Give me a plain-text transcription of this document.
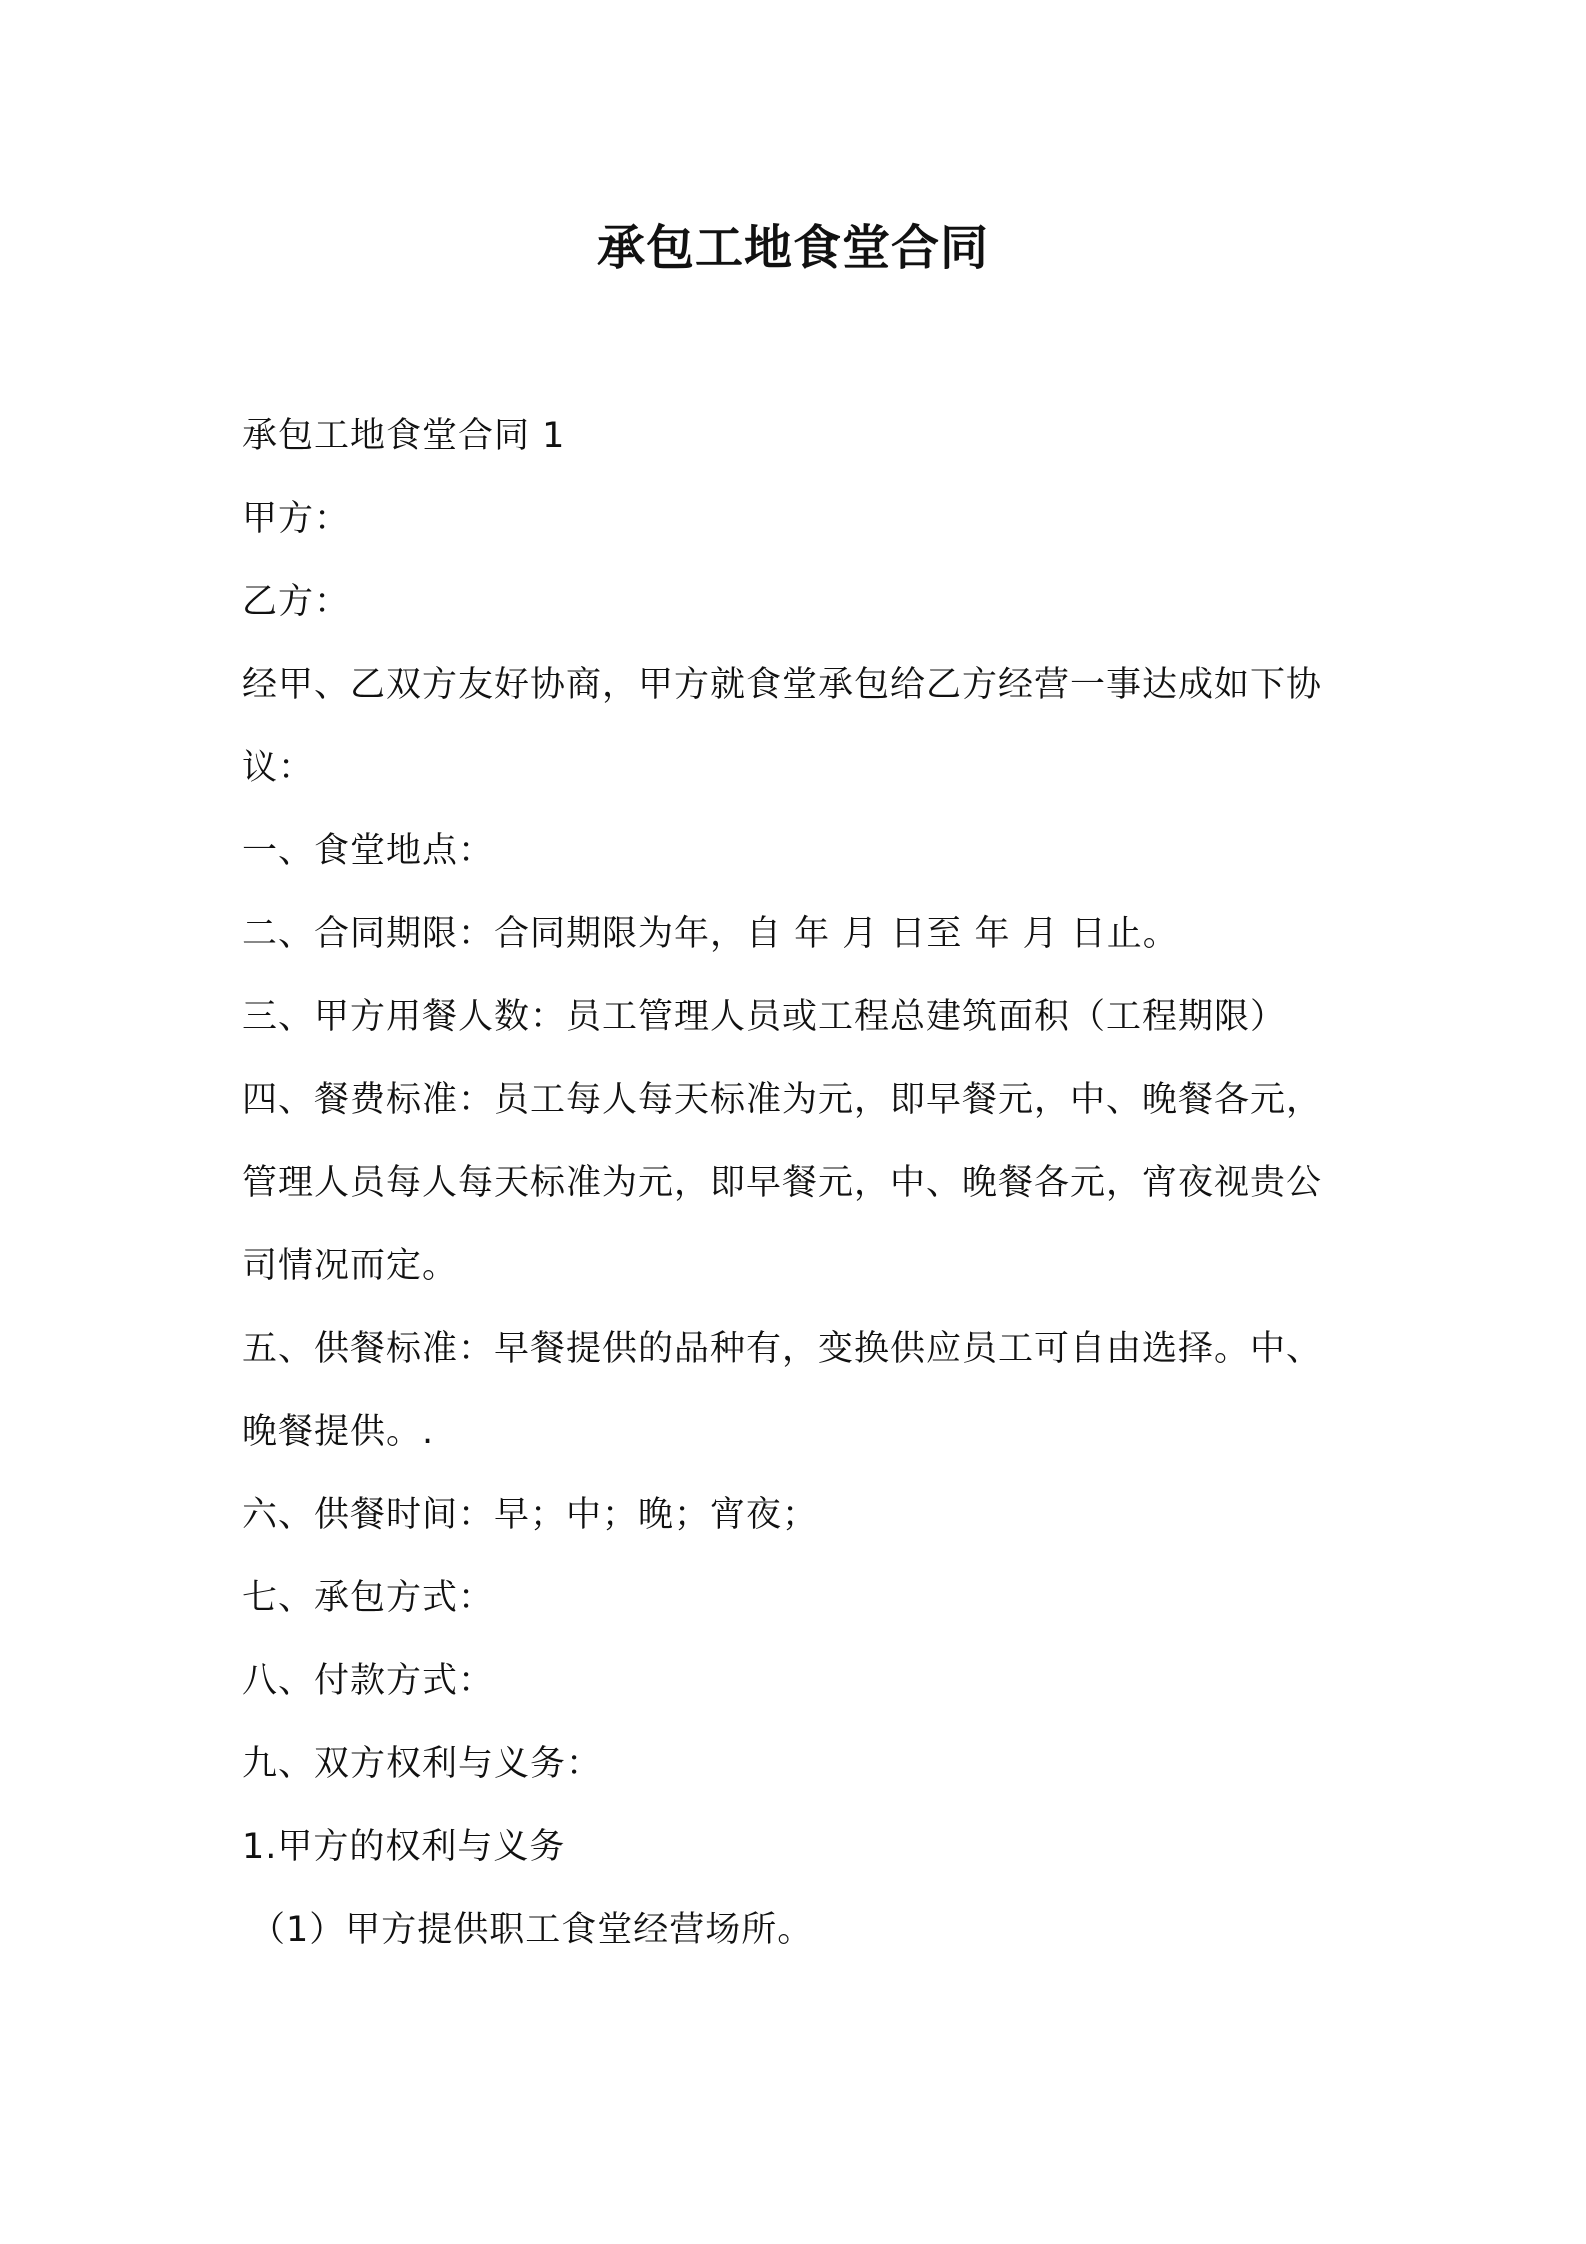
承包工地食堂合同
承包工地食堂合同 1
甲方：
乙方：
经甲、乙双方友好协商，甲方就食堂承包给乙方经营一事达成如下协
议：
一、食堂地点：
二、合同期限：合同期限为年，自 年 月 日至 年 月 日止。
三、甲方用餐人数：员工管理人员或工程总建筑面积（工程期限）
四、餐费标准：员工每人每天标准为元，即早餐元，中、晚餐各元，
管理人员每人每天标准为元，即早餐元，中、晚餐各元，宵夜视贵公
司情况而定。
五、供餐标准：早餐提供的品种有，变换供应员工可自由选择。中、
晚餐提供。.
六、供餐时间：早；中；晚；宵夜；
七、承包方式：
八、付款方式：
九、双方权利与义务：
1.甲方的权利与义务
（1）甲方提供职工食堂经营场所。
